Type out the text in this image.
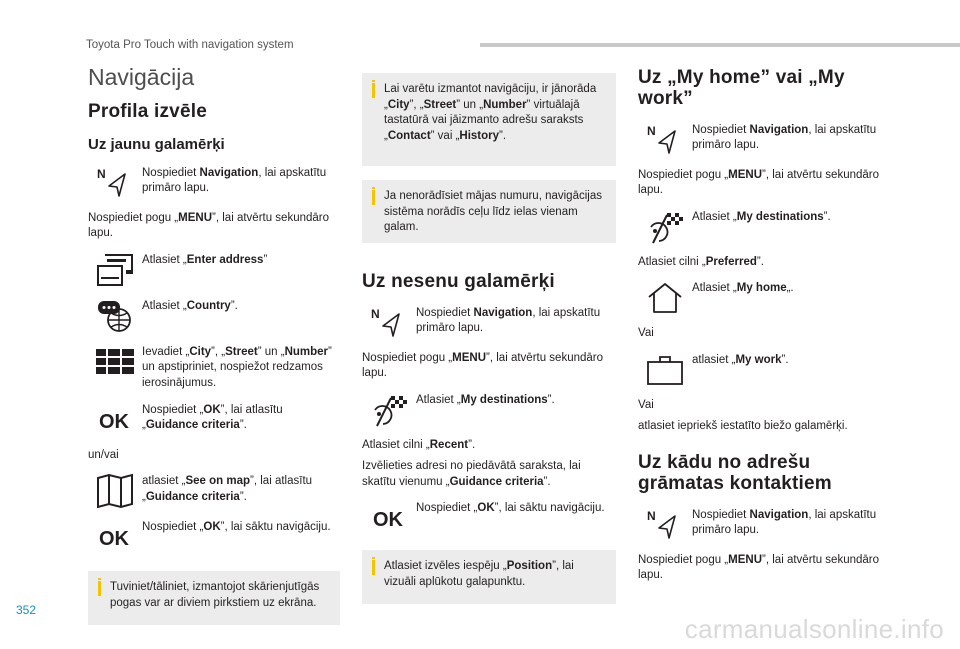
Toyota Pro Touch with navigation system
Navigācija
Profila izvēle
Uz jaunu galamērķi
N	Nospiediet Navigation, lai apskatītu primāro lapu.

Nospiediet pogu „MENU”, lai atvērtu sekundāro lapu.

Atlasiet „Enter address”
Atlasiet „Country”.
Ievadiet „City”, „Street” un „Number” un apstipriniet, nospiežot redzamos ierosinājumus.
OK
Nospiediet „OK”, lai atlasītu „Guidance criteria”.

un/vai

atlasiet „See on map”, lai atlasītu „Guidance criteria”.
OK
Nospiediet „OK”, lai sāktu navigāciju.
Tuviniet/tāliniet, izmantojot skārienjutīgās pogas var ar diviem pirkstiem uz ekrāna.
Lai varētu izmantot navigāciju, ir jānorāda „City”, „Street” un „Number” virtuālajā tastatūrā vai jāizmanto adrešu saraksts „Contact” vai „History”.
Ja nenorādīsiet mājas numuru, navigācijas sistēma norādīs ceļu līdz ielas vienam galam.
Uz nesenu galamērķi
N	Nospiediet Navigation, lai apskatītu primāro lapu.

Nospiediet pogu „MENU”, lai atvērtu sekundāro lapu.

Atlasiet „My destinations”.

Atlasiet cilni „Recent”.

Izvēlieties adresi no piedāvātā saraksta, lai skatītu vienumu „Guidance criteria”.

OK
Nospiediet „OK”, lai sāktu navigāciju.
Atlasiet izvēles iespēju „Position”, lai vizuāli aplūkotu galapunktu.
Uz „My home” vai „My
work”
N	Nospiediet Navigation, lai apskatītu primāro lapu.

Nospiediet pogu „MENU”, lai atvērtu sekundāro lapu.

Atlasiet „My destinations”.

Atlasiet cilni „Preferred”.

Atlasiet „My home„.

Vai

atlasiet „My work”.

Vai

atlasiet iepriekš iestatīto biežo galamērķi.

Uz kādu no adrešu
grāmatas kontaktiem
N	Nospiediet Navigation, lai apskatītu primāro lapu.

Nospiediet pogu „MENU”, lai atvērtu sekundāro lapu.

352
carmanualsonline.info
